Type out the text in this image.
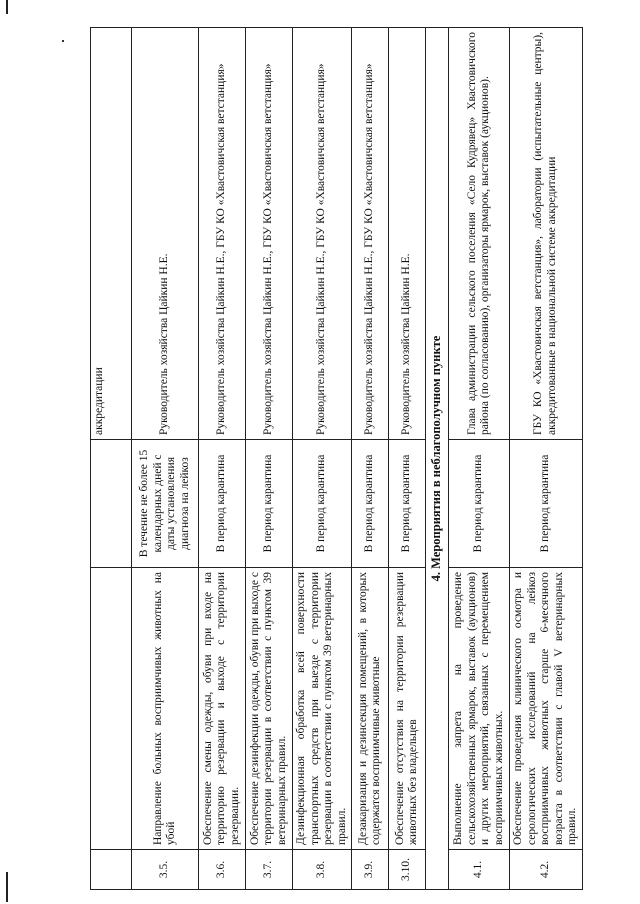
			аккредитации
3.5.	Направление больных восприимчивых животных на убой	В течение не более 15 календарных дней с даты установления диагноза на лейкоз	Руководитель хозяйства Цайкин Н.Е.
3.6.	Обеспечение смены одежды, обуви при входе на территорию резервации и выходе с территории резервации.	В период карантина	Руководитель хозяйства Цайкин Н.Е., ГБУ КО «Хвастовичская ветстанция»
3.7.	Обеспечение дезинфекции одежды, обуви при выходе с территории резервации в соответствии с пунктом 39 ветеринарных правил.	В период карантина	Руководитель хозяйства Цайкин Н.Е., ГБУ КО «Хвастовичская ветстанция»
3.8.	Дезинфекционная обработка всей поверхности транспортных средств при выезде с территории резервации в соответствии с пунктом 39 ветеринарных правил.	В период карантина	Руководитель хозяйства Цайкин Н.Е., ГБУ КО «Хвастовичская ветстанция»
3.9.	Дезакаризация и дезинсекция помещений, в которых содержатся восприимчивые животные	В период карантина	Руководитель хозяйства Цайкин Н.Е., ГБУ КО «Хвастовичская ветстанция»
3.10.	Обеспечение отсутствия на территории резервации животных без владельцев	В период карантина	Руководитель хозяйства Цайкин Н.Е.
4. Мероприятия в неблагополучном пункте			
4.1.	Выполнение запрета на проведение сельскохозяйственных ярмарок, выставок (аукционов) и других мероприятий, связанных с перемещением восприимчивых животных.	В период карантина	Глава администрации сельского поселения «Село Кудрявец» Хвастовичского района (по согласованию), организаторы ярмарок, выставок (аукционов).
4.2.	Обеспечение проведения клинического осмотра и серологических исследований на лейкоз восприимчивых животных старше 6-месячного возраста в соответствии с главой V ветеринарных правил.	В период карантина	ГБУ КО «Хвастовичская ветстанция», лаборатории (испытательные центры), аккредитованные в национальной системе аккредитации
